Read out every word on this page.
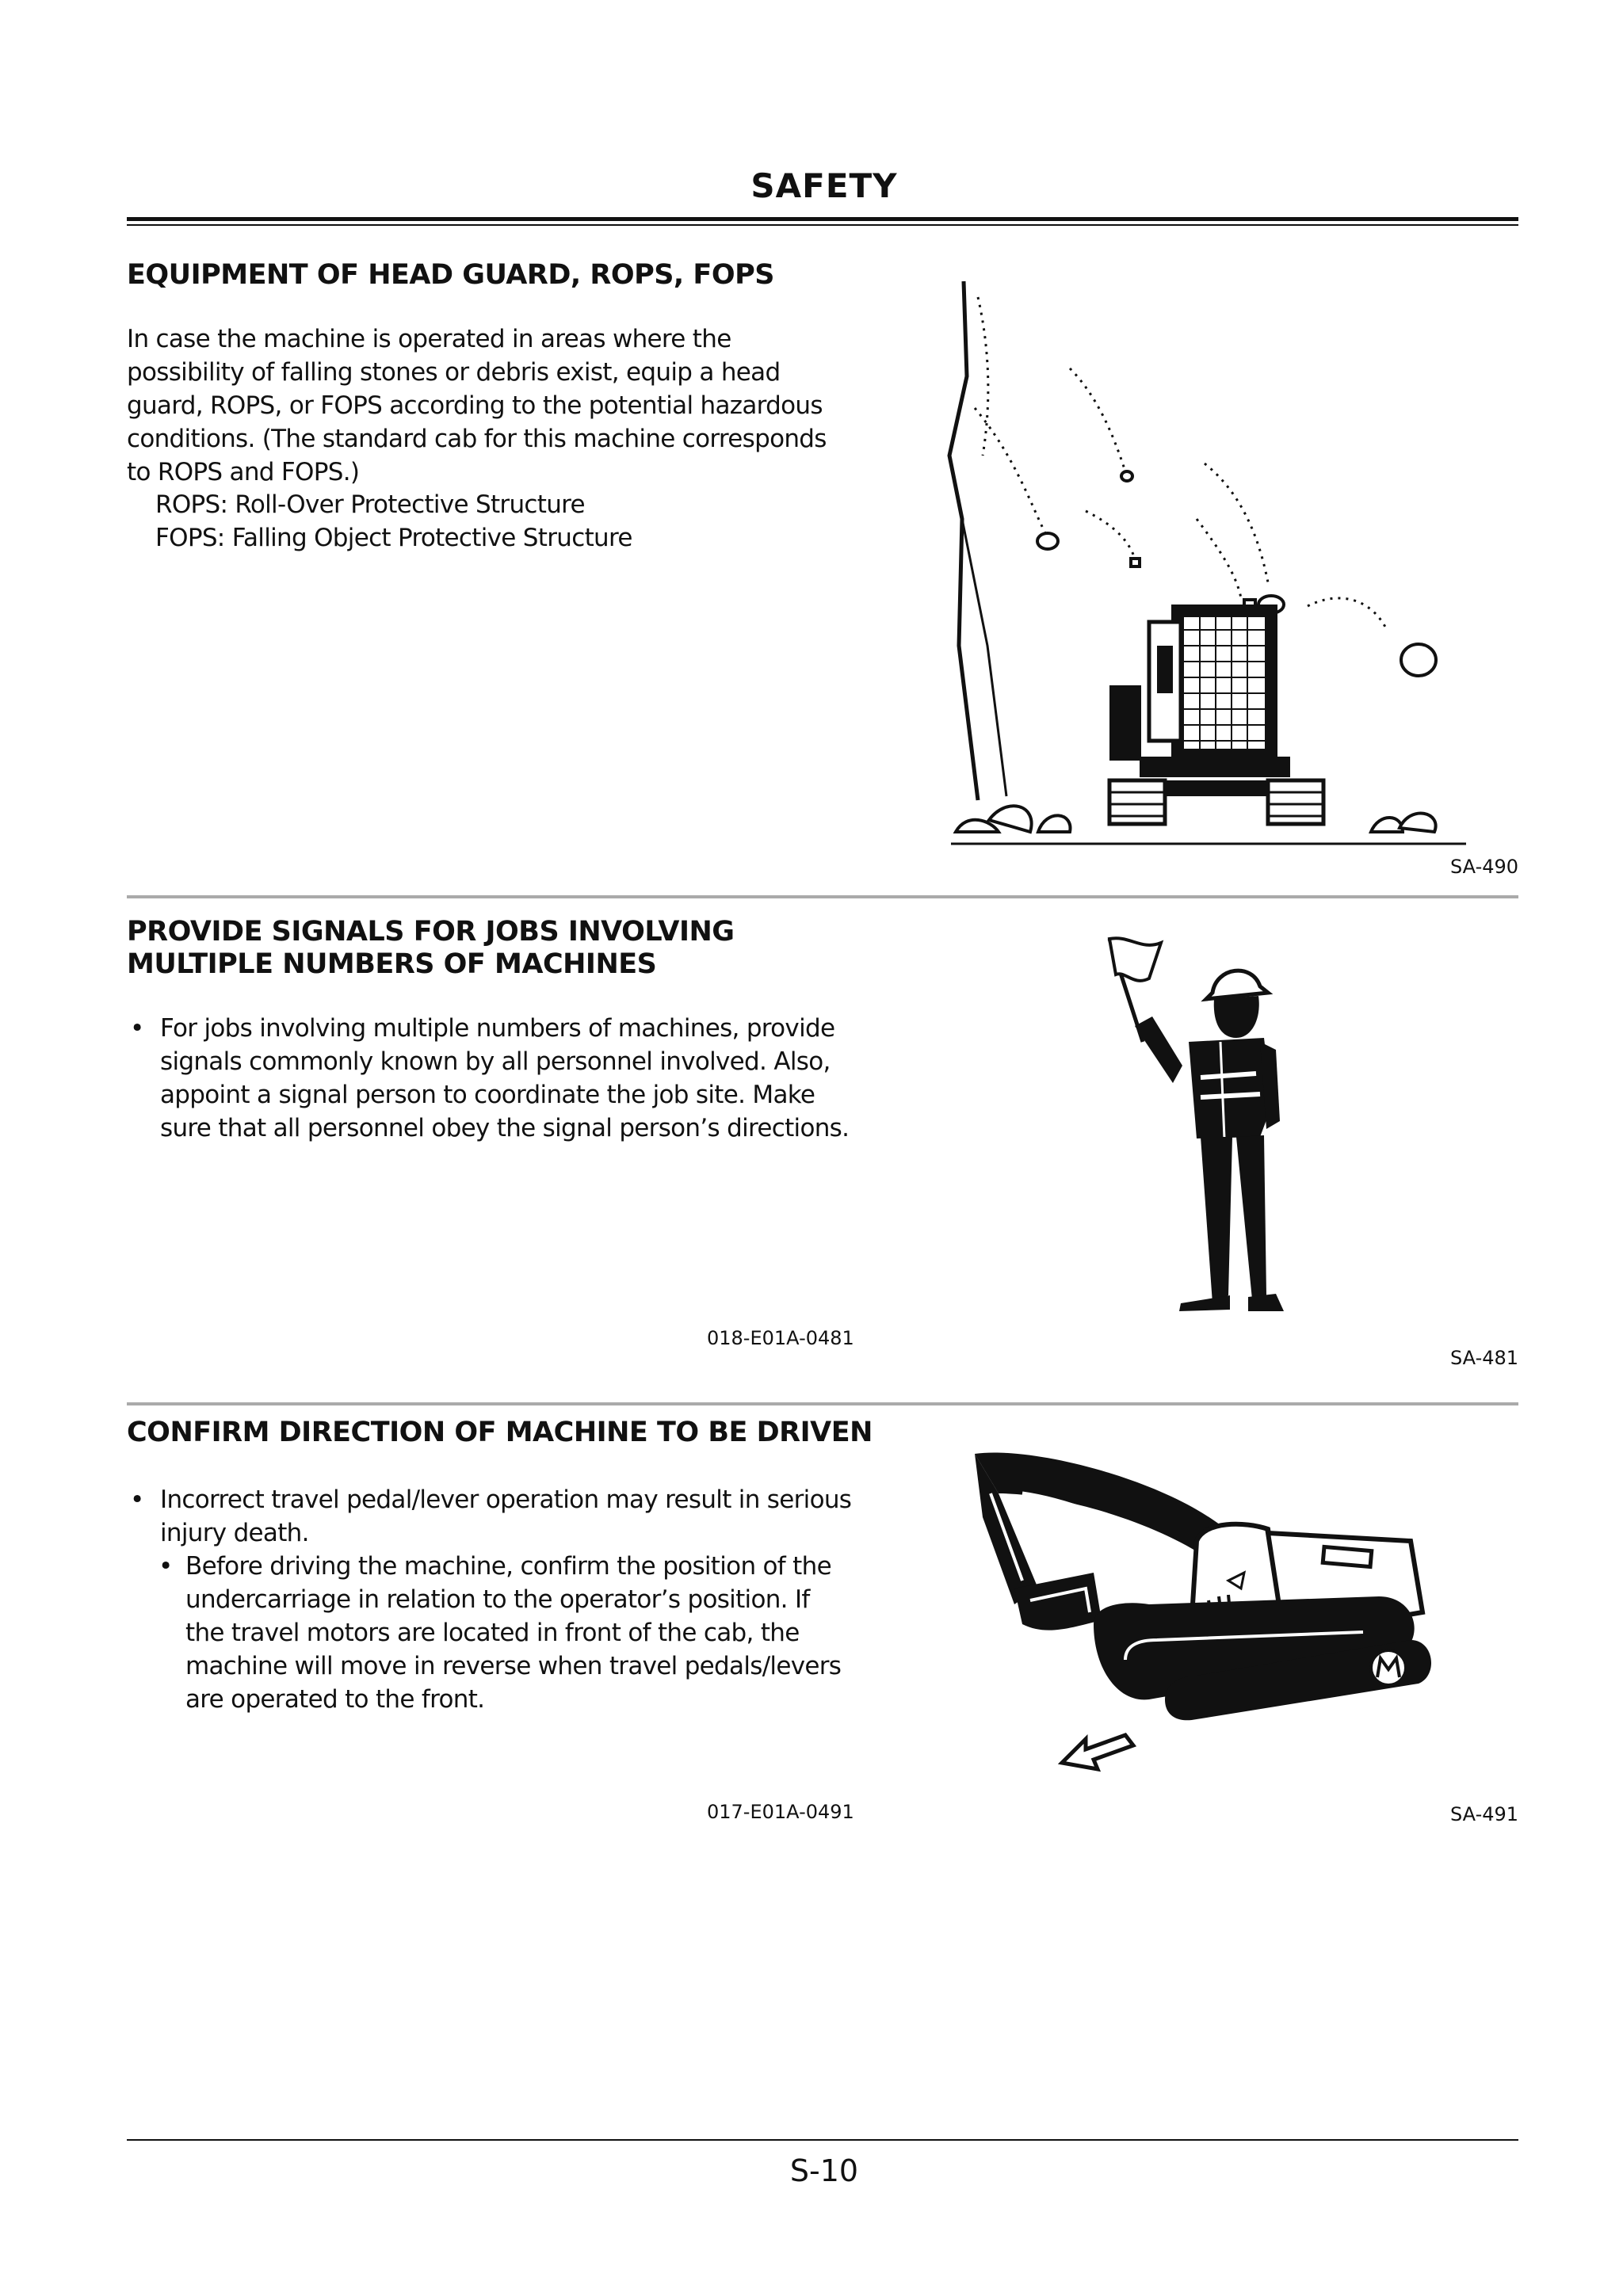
SAFETY
EQUIPMENT OF HEAD GUARD, ROPS, FOPS
In case the machine is operated in areas where the possibility of falling stones or debris exist, equip a head guard, ROPS, or FOPS according to the potential hazardous conditions. (The standard cab for this machine corresponds to ROPS and FOPS.)
ROPS: Roll-Over Protective Structure
FOPS: Falling Object Protective Structure
SA-490
PROVIDE SIGNALS FOR JOBS INVOLVING
MULTIPLE NUMBERS OF MACHINES
• For jobs involving multiple numbers of machines, provide signals commonly known by all personnel involved. Also, appoint a signal person to coordinate the job site. Make sure that all personnel obey the signal person’s directions.
018-E01A-0481
SA-481
CONFIRM DIRECTION OF MACHINE TO BE DRIVEN
• Incorrect travel pedal/lever operation may result in serious injury death.
• Before driving the machine, confirm the position of the undercarriage in relation to the operator’s position. If the travel motors are located in front of the cab, the machine will move in reverse when travel pedals/levers are operated to the front.
017-E01A-0491	SA-491
S-10
